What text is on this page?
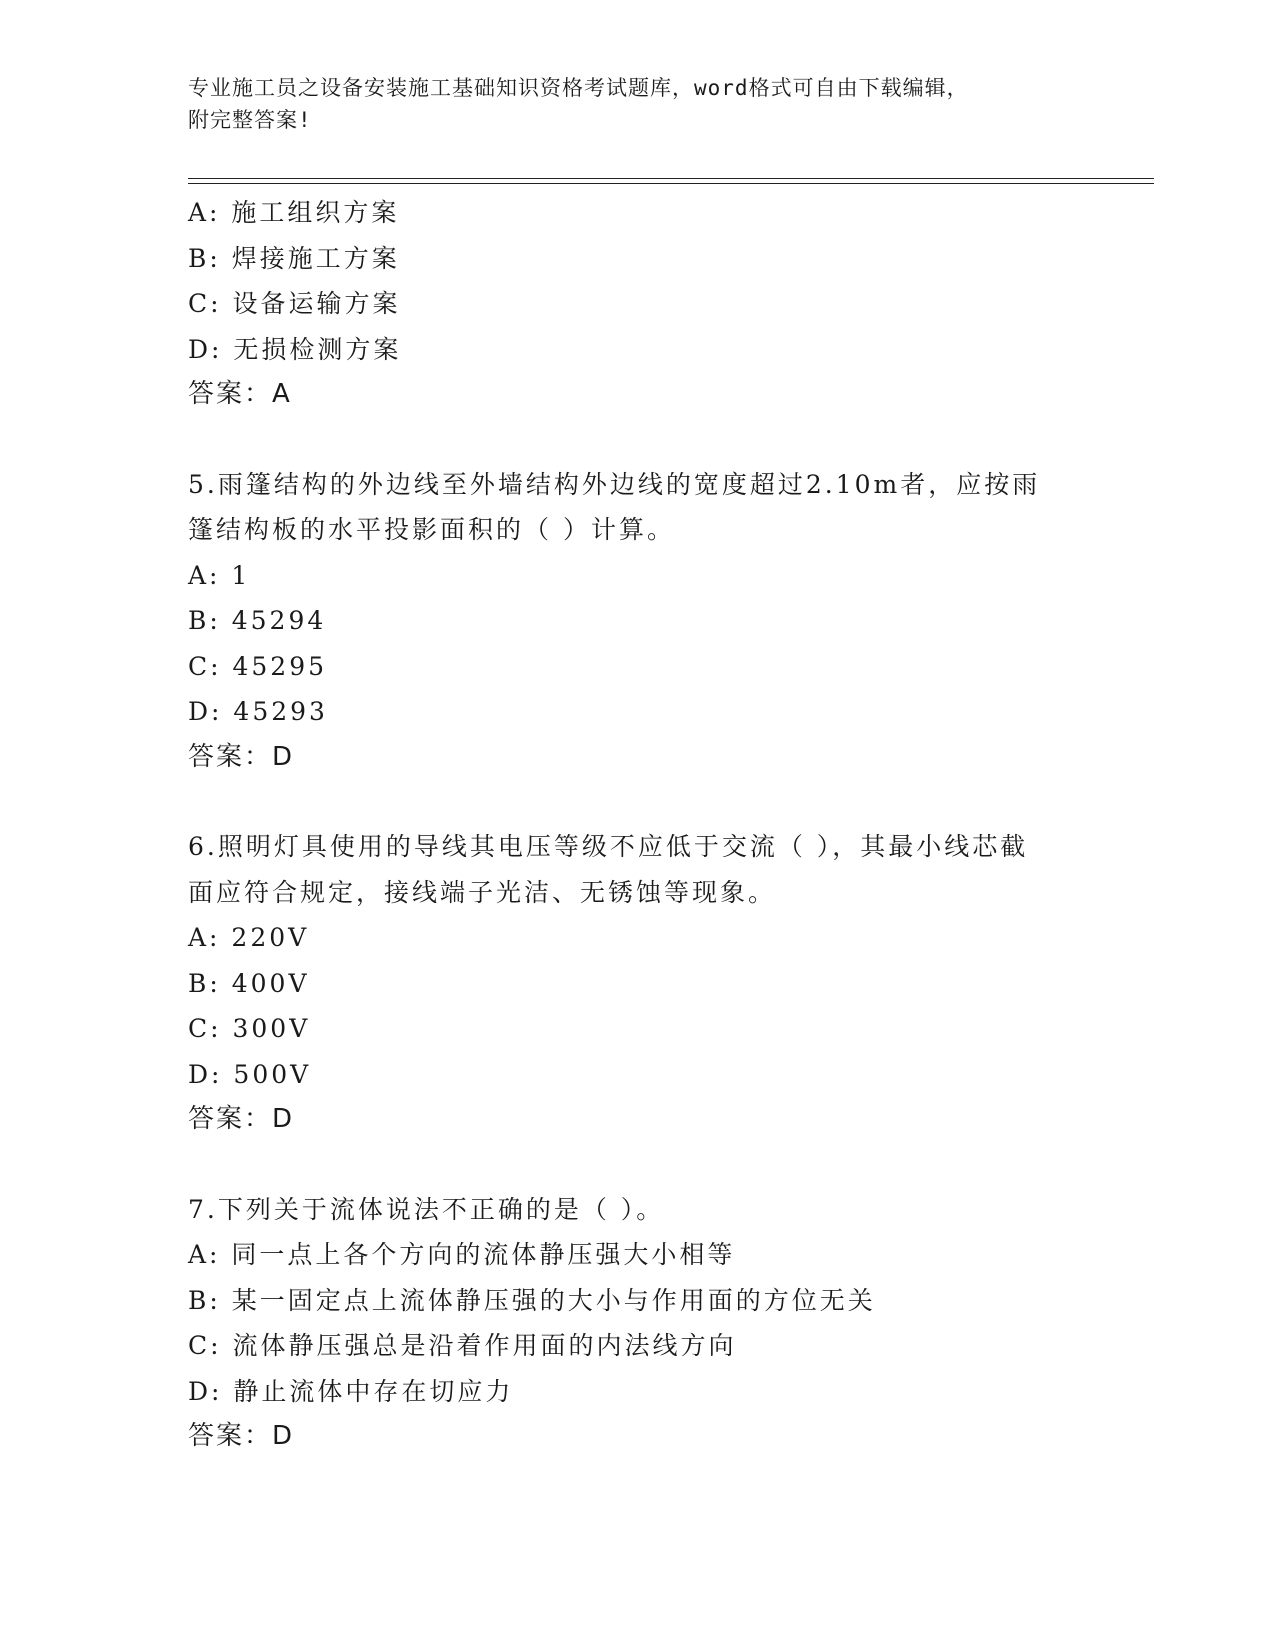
专业施工员之设备安装施工基础知识资格考试题库，word格式可自由下载编辑，
附完整答案!
A: 施工组织方案
B: 焊接施工方案
C: 设备运输方案
D: 无损检测方案
答案：A
5.雨篷结构的外边线至外墙结构外边线的宽度超过2.10m者，应按雨
篷结构板的水平投影面积的（ ）计算。
A: 1
B: 45294
C: 45295
D: 45293
答案：D
6.照明灯具使用的导线其电压等级不应低于交流（ ），其最小线芯截
面应符合规定，接线端子光洁、无锈蚀等现象。
A: 220V
B: 400V
C: 300V
D: 500V
答案：D
7.下列关于流体说法不正确的是（ ）。
A: 同一点上各个方向的流体静压强大小相等
B: 某一固定点上流体静压强的大小与作用面的方位无关
C: 流体静压强总是沿着作用面的内法线方向
D: 静止流体中存在切应力
答案：D
